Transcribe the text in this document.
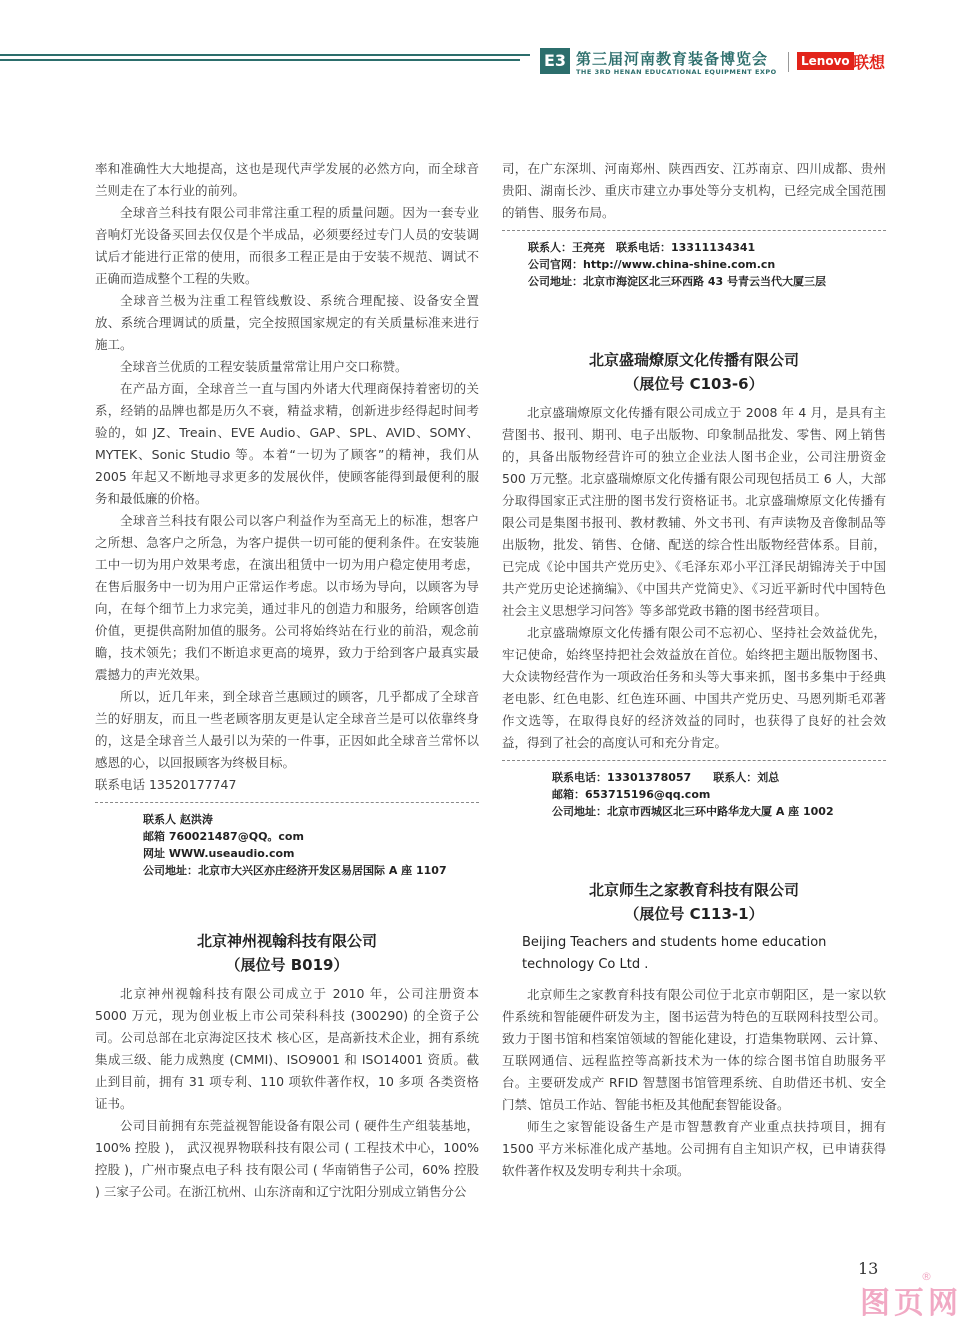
E3 第三届河南教育装备博览会
THE 3RD HENAN EDUCATIONAL EQUIPMENT EXPO
Lenovo 联想

率和准确性大大地提高，这也是现代声学发展的必然方向，而全球音兰则走在了本行业的前列。

全球音兰科技有限公司非常注重工程的质量问题。因为一套专业音响灯光设备买回去仅仅是个半成品，必须要经过专门人员的安装调试后才能进行正常的使用，而很多工程正是由于安装不规范、调试不正确而造成整个工程的失败。

全球音兰极为注重工程管线敷设、系统合理配接、设备安全置放、系统合理调试的质量，完全按照国家规定的有关质量标准来进行施工。

全球音兰优质的工程安装质量常常让用户交口称赞。

在产品方面，全球音兰一直与国内外诸大代理商保持着密切的关系，经销的品牌也都是历久不衰，精益求精，创新进步经得起时间考验的，如 JZ、Treain、EVE Audio、GAP、SPL、AVID、SOMY、MYTEK、Sonic Studio 等。本着“一切为了顾客”的精神，我们从 2005 年起又不断地寻求更多的发展伙伴，使顾客能得到最便利的服务和最低廉的价格。

全球音兰科技有限公司以客户利益作为至高无上的标准，想客户之所想、急客户之所急，为客户提供一切可能的便利条件。在安装施工中一切为用户效果考虑，在演出租赁中一切为用户稳定使用考虑，在售后服务中一切为用户正常运作考虑。以市场为导向，以顾客为导向，在每个细节上力求完美，通过非凡的创造力和服务，给顾客创造价值，更提供高附加值的服务。公司将始终站在行业的前沿，观念前瞻，技术领先；我们不断追求更高的境界，致力于给到客户最真实最震撼力的声光效果。

所以，近几年来，到全球音兰惠顾过的顾客，几乎都成了全球音兰的好朋友，而且一些老顾客朋友更是认定全球音兰是可以依靠终身的，这是全球音兰人最引以为荣的一件事，正因如此全球音兰常怀以感恩的心，以回报顾客为终极目标。

联系电话 13520177747

联系人 赵洪涛
邮箱 760021487@QQ。com
网址 WWW.useaudio.com
公司地址：北京市大兴区亦庄经济开发区易居国际 A 座 1107
北京神州视翰科技有限公司
（展位号 B019）

北京神州视翰科技有限公司成立于 2010 年，公司注册资本 5000 万元，现为创业板上市公司荣科科技 (300290) 的全资子公司。公司总部在北京海淀区技术 核心区，是高新技术企业，拥有系统集成三级、能力成熟度 (CMMI)、ISO9001 和 ISO14001 资质。截止到目前，拥有 31 项专利、110 项软件著作权，10 多项 各类资格证书。

公司目前拥有东莞益视智能设备有限公司 ( 硬件生产组装基地，100% 控股 )， 武汉视界物联科技有限公司 ( 工程技术中心，100% 控股 )，广州市聚点电子科 技有限公司 ( 华南销售子公司，60% 控股 ) 三家子公司。在浙江杭州、山东济南和辽宁沈阳分别成立销售分公

司，在广东深圳、河南郑州、陕西西安、江苏南京、四川成都、贵州贵阳、湖南长沙、重庆市建立办事处等分支机构，已经完成全国范围的销售、服务布局。

联系人：王亮亮　联系电话：13311134341
公司官网：http://www.china-shine.com.cn
公司地址：北京市海淀区北三环西路 43 号青云当代大厦三层
北京盛瑞燎原文化传播有限公司
（展位号 C103-6）

北京盛瑞燎原文化传播有限公司成立于 2008 年 4 月，是具有主营图书、报刊、期刊、电子出版物、印象制品批发、零售、网上销售的，具备出版物经营许可的独立企业法人图书企业，公司注册资金 500 万元整。北京盛瑞燎原文化传播有限公司现包括员工 6 人，大部分取得国家正式注册的图书发行资格证书。北京盛瑞燎原文化传播有限公司是集图书报刊、教材教辅、外文书刊、有声读物及音像制品等出版物，批发、销售、仓储、配送的综合性出版物经营体系。目前，已完成《论中国共产党历史》、《毛泽东邓小平江泽民胡锦涛关于中国共产党历史论述摘编》、《中国共产党简史》、《习近平新时代中国特色社会主义思想学习问答》等多部党政书籍的图书经营项目。

北京盛瑞燎原文化传播有限公司不忘初心、坚持社会效益优先，牢记使命，始终坚持把社会效益放在首位。始终把主题出版物图书、大众读物经营作为一项政治任务和头等大事来抓，图书多集中于经典老电影、红色电影、红色连环画、中国共产党历史、马恩列斯毛邓著作文选等，在取得良好的经济效益的同时，也获得了良好的社会效益，得到了社会的高度认可和充分肯定。

联系电话：13301378057　　联系人：刘总
邮箱：653715196@qq.com
公司地址：北京市西城区北三环中路华龙大厦 A 座 1002
北京师生之家教育科技有限公司
（展位号 C113-1）
Beijing Teachers and students home education technology Co Ltd .

北京师生之家教育科技有限公司位于北京市朝阳区，是一家以软件系统和智能硬件研发为主，图书运营为特色的互联网科技型公司。致力于图书馆和档案馆领域的智能化建设，打造集物联网、云计算、互联网通信、远程监控等高新技术为一体的综合图书馆自助服务平台。主要研发成产 RFID 智慧图书馆管理系统、自助借还书机、安全门禁、馆员工作站、智能书柜及其他配套智能设备。

师生之家智能设备生产是市智慧教育产业重点扶持项目，拥有 1500 平方米标准化成产基地。公司拥有自主知识产权，已申请获得软件著作权及发明专利共十余项。

13
图页网
®
